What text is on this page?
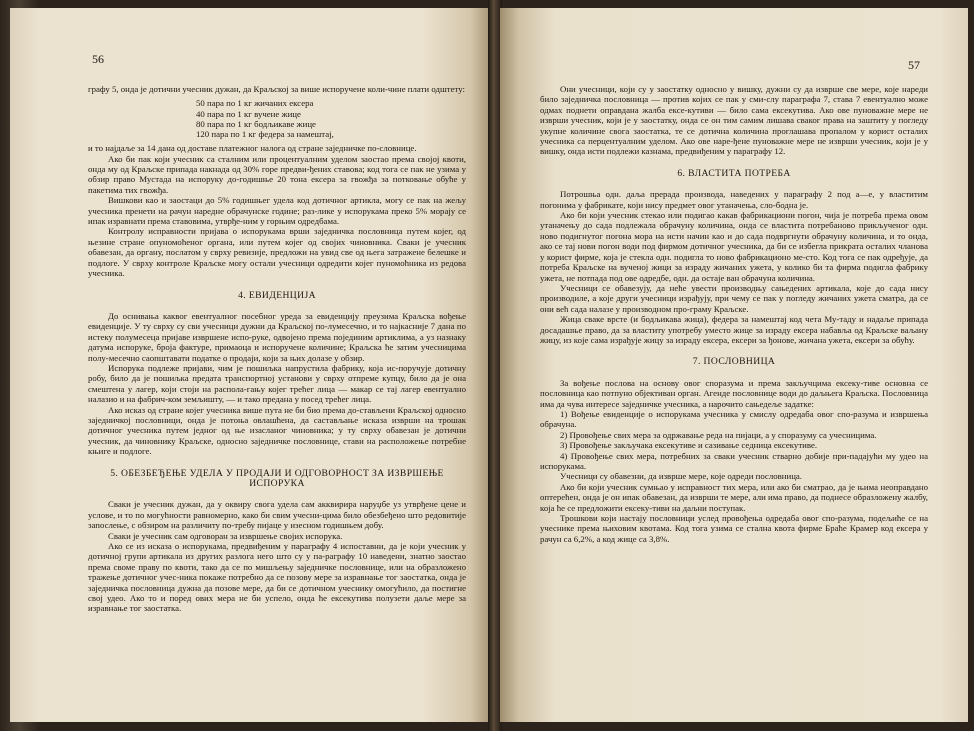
56

графу 5, онда је дотични учесник дужан, да Краљској за више испоручене коли-чине плати одштету:

50 пара по 1 кг жичаних ексера
40 пара по 1 кг вучене жице
80 пара по 1 кг бодљикаве жице
120 пара по 1 кг федера за намештај,

и то најдаље за 14 дана од доставе платежног налога од стране заједничке по-словнице.

Ако би пак који учесник са сталним или процентуалним уделом заостао према својој квоти, онда му од Краљске припада накнада од 30% горе предви-ђених ставова; код тога се пак не узима у обзир право Мустада на испоруку до-годишње 20 тона ексера за гвожђа за потковање обуће у пакетима тих гвожђа.

Вишкови као и заостаци до 5% годишњег удела код дотичног артикла, могу се пак на жељу учесника пренети на рачун наредне обрачунске године; раз-лике у испорукама преко 5% морају се ипак изравнати према ставовима, утврђе-ним у горњим одредбама.

Контролу исправности пријава о испорукама врши заједничка пословница путем којег, од њезине стране опуномоћеног органа, или путем којег од својих чиновника. Сваки је учесник обавезан, да органу, послатом у сврху ревизије, предложи на увид све од њега затражене белешке и подлоге. У сврху контроле Краљске могу остали учесници одредити којег пуномоћника из редова учесника.

4. ЕВИДЕНЦИЈА

До оснивања каквог евентуалног посебног уреда за евиденцију преузима Краљска вођење евиденције. У ту сврху су сви учесници дужни да Краљској по-лумесечно, и то најкасније 7 дана по истеку полумесеца пријаве извршене испо-руке, одвојено према појединим артиклима, а уз назнаку датума испоруке, броја фактуре, примаоца и испоручене количине; Краљска ће затим учесницима полу-месечно саопштавати податке о продаји, који за њих долазе у обзир.

Испорука подлеже пријави, чим је пошиљка напрустила фабрику, која ис-поручује дотичну робу, било да је пошиљка предата транспортној установи у сврху отпреме купцу, било да је она смештена у лагер, који стоји на распола-гању којег трећег лица — макар се тај лагер евентуално налазио и на фабрич-ком земљишту, — и тако предана у посед трећег лица.

Ако исказ од стране којег учесника више пута не би био према до-стављени Краљској односно заједничкој пословници, онда је потоња овлашћена, да састављање исказа изврши на трошак дотичног учесника путем једног од ње изасланог чиновника; у ту сврху обавезан је дотични учесник, да чиновнику Краљске, односно заједничке пословнице, стави на расположење потребне књиге и подлоге.

5. ОБЕЗБЕЂЕЊЕ УДЕЛА У ПРОДАЈИ И ОДГОВОРНОСТ ЗА ИЗВРШЕЊЕ ИСПОРУКА

Сваки је учесник дужан, да у оквиру свога удела сам акквирира наруџбе уз утврђене цене и услове, и то по могућности равномерно, како би свим учесни-цима било обезбеђено што редовитије запослење, с обзиром на различиту по-требу пијаце у изесном годишњем добу.

Сваки је учесник сам одговоран за извршење својих испорука.

Ако се из исказа о испорукама, предвиђеним у параграфу 4 испоставни, да је који учесник у дотичној групи артикала из других разлога него што су у па-раграфу 10 наведени, знатно заостао према своме праву по квоти, тако да се по мишљењу заједничке пословнице, или на образложено тражење дотичног учес-ника покаже потребно да се позову мере за изравнање тог заостатка, онда је заједничка пословница дужна да позове мере, да би се дотичном учеснику омогућило, да постигне свој удео. Ако то и поред ових мера не би успело, онда ће ексекутива полузети даље мере за изравнање тог заостатка.

57

Они учесници, који су у заостатку односно у вишку, дужни су да изврше све мере, које нареди било заједничка пословница — против којих се пак у сми-слу параграфа 7, става 7 евентуално може одмах поднети оправдана жалба ексе-кутиви — било сама ексекутива. Ако ове пуноважне мере не изврши учесник, који је у заостатку, онда се он тим самим лишава сваког права на заштиту у погледу укупне количине свога заостатка, те се дотична количина проглашава пропалом у корист осталих учесника са перцентуалним уделом. Ако ове наре-ђене пуноважне мере не изврши учесник, који је у вишку, онда исти подлежи казнама, предвиђеним у параграфу 12.

6. ВЛАСТИТА ПОТРЕБА

Потрошња одн. даља прерада производа, наведених у параграфу 2 под а—е, у властитим погонима у фабрикате, који нису предмет овог утаначења, сло-бодна је.

Ако би који учесник стекао или подигао какав фабрикациони погон, чија је потреба према овом утаначењу до сада подлежала обрачуну количина, онда се властита потребаново прикљученог одн. ново подигнутог погона мора на исти начин као и до сада подвргнути обрачуну количина, и то онда, ако се тај нови погон води под фирмом дотичног учесника, да би се избегла прикрата осталих чланова у корист фирме, која је стекла одн. подигла то ново фабрикационо ме-сто. Код тога се пак одређује, да потреба Краљске на вученој жици за израду жичаних ужета, у колико би та фирма подигла фабрику ужета, не потпада под ове одредбе, одн. да остаје ван обрачуна количина.

Учесници се обавезују, да неће увести производњу сањедених артикала, које до сада нису производиле, а које други учесници израђују, при чему се пак у погледу жичаних ужета сматра, да се они већ сада налазе у производном про-граму Краљске.

Жица сваке врсте (и бодљикава жица), федера за намештај код чета Му-таду и надаље припада досадашње право, да за властиту употребу уместо жице за израду ексера набавља од Краљске ваљану жицу, из које сама израђује жицу за израду ексера, ексери за ђонове, жичана ужета, ексери за обућу.

7. ПОСЛОВНИЦА

За вођење послова на основу овог споразума и према закључцима ексеку-тиве основна се пословница као потпуно објективан орган. Агенде пословнице води до даљњега Краљска. Пословница има да чува интересе заједничке учесника, а нарочито сањедеље задатке:

1) Вођење евиденције о испорукама учесника у смислу одредаба овог спо-разума и извршења обрачуна.

2) Провођење свих мера за одржавање реда на пијаци, а у споразуму са учесницима.

3) Провођење закључака ексекутиве и сазивање седница ексекутиве.

4) Провођење свих мера, потребних за сваки учесник стварно добије при-падајући му удео на испорукама.

Учесници су обавезни, да изврше мере, које одреди пословница.

Ако би који учесник сумњао у исправност тих мера, или ако би сматрао, да је њима неоправдано оптерећен, онда је он ипак обавезан, да изврши те мере, али има право, да поднесе образложену жалбу, која ће се предложити ексеку-тиви на даљни поступак.

Трошкови који настају пословници услед провођења одредаба овог спо-разума, подељиће се на учеснике према њиховим квотама. Код тога узима се стална квота фирме Браће Крамер код ексера у рачун са 6,2%, а код жице са 3,8%.
